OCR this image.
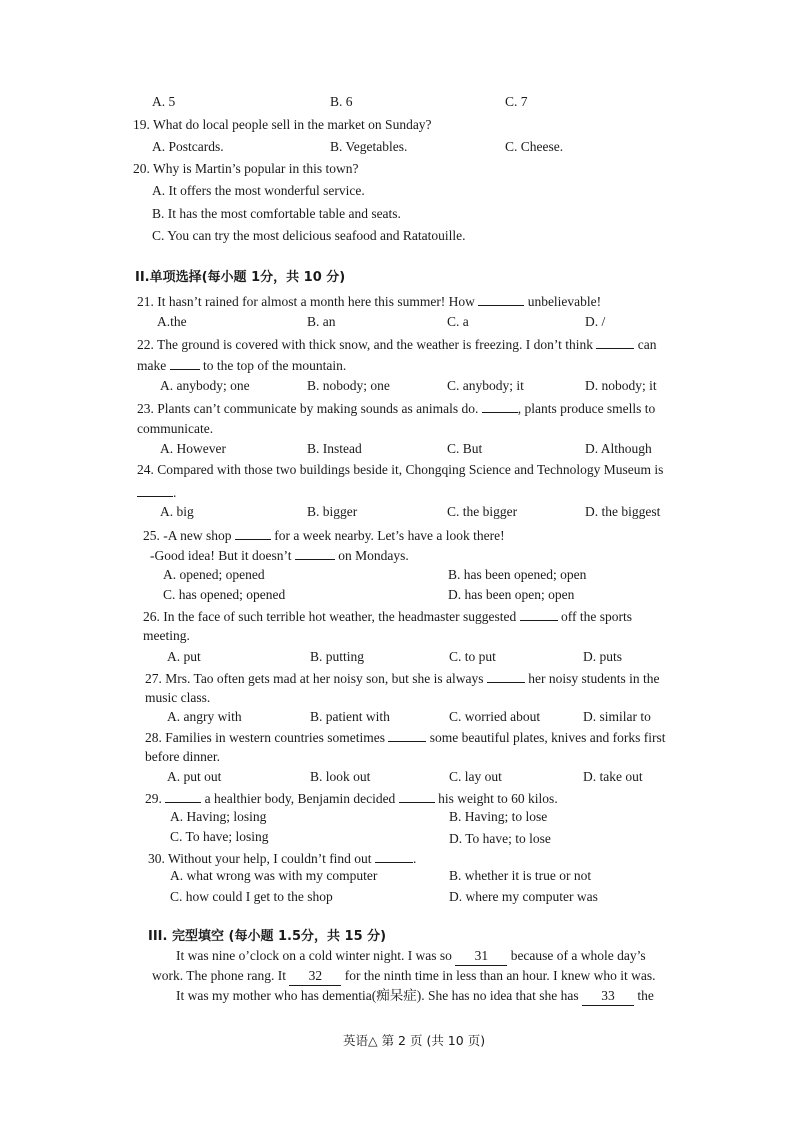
A. 5	B. 6	C. 7
19. What do local people sell in the market on Sunday?
A. Postcards.	B. Vegetables.	C. Cheese.
20. Why is Martin’s popular in this town?
A. It offers the most wonderful service.
B. It has the most comfortable table and seats.
C. You can try the most delicious seafood and Ratatouille.
II.单项选择(每小题 1分，共 10 分)
21. It hasn’t rained for almost a month here this summer! How	unbelievable!
A.the	B. an	C. a	D. /
22. The ground is covered with thick snow, and the weather is freezing. I don’t think	can
make	to the top of the mountain.
A. anybody; one	B. nobody; one	C. anybody; it	D. nobody; it
23. Plants can’t communicate by making sounds as animals do.	, plants produce smells to
communicate.
A. However	B. Instead	C. But	D. Although
24. Compared with those two buildings beside it, Chongqing Science and Technology Museum is
.
A. big	B. bigger	C. the bigger	D. the biggest
25. -A new shop	for a week nearby. Let’s have a look there!
-Good idea! But it doesn’t	on Mondays.
A. opened; opened	B. has been opened; open
C. has opened; opened	D. has been open; open
26. In the face of such terrible hot weather, the headmaster suggested	off the sports
meeting.
A. put	B. putting	C. to put	D. puts
27. Mrs. Tao often gets mad at her noisy son, but she is always	her noisy students in the
music class.
A. angry with	B. patient with	C. worried about	D. similar to
28. Families in western countries sometimes	some beautiful plates, knives and forks first
before dinner.
A. put out	B. look out	C. lay out	D. take out
29.	a healthier body, Benjamin decided	his weight to 60 kilos.
A. Having; losing	B. Having; to lose
C. To have; losing	D. To have; to lose
30. Without your help, I couldn’t find out	.
A. what wrong was with my computer	B. whether it is true or not
C. how could I get to the shop	D. where my computer was
III. 完型填空 (每小题 1.5分，共 15 分)
It was nine o’clock on a cold winter night. I was so 31 because of a whole day’s
work. The phone rang. It 32 for the ninth time in less than an hour. I knew who it was.
It was my mother who has dementia(痴呆症). She has no idea that she has 33 the
英语△ 第 2 页 (共 10 页)
